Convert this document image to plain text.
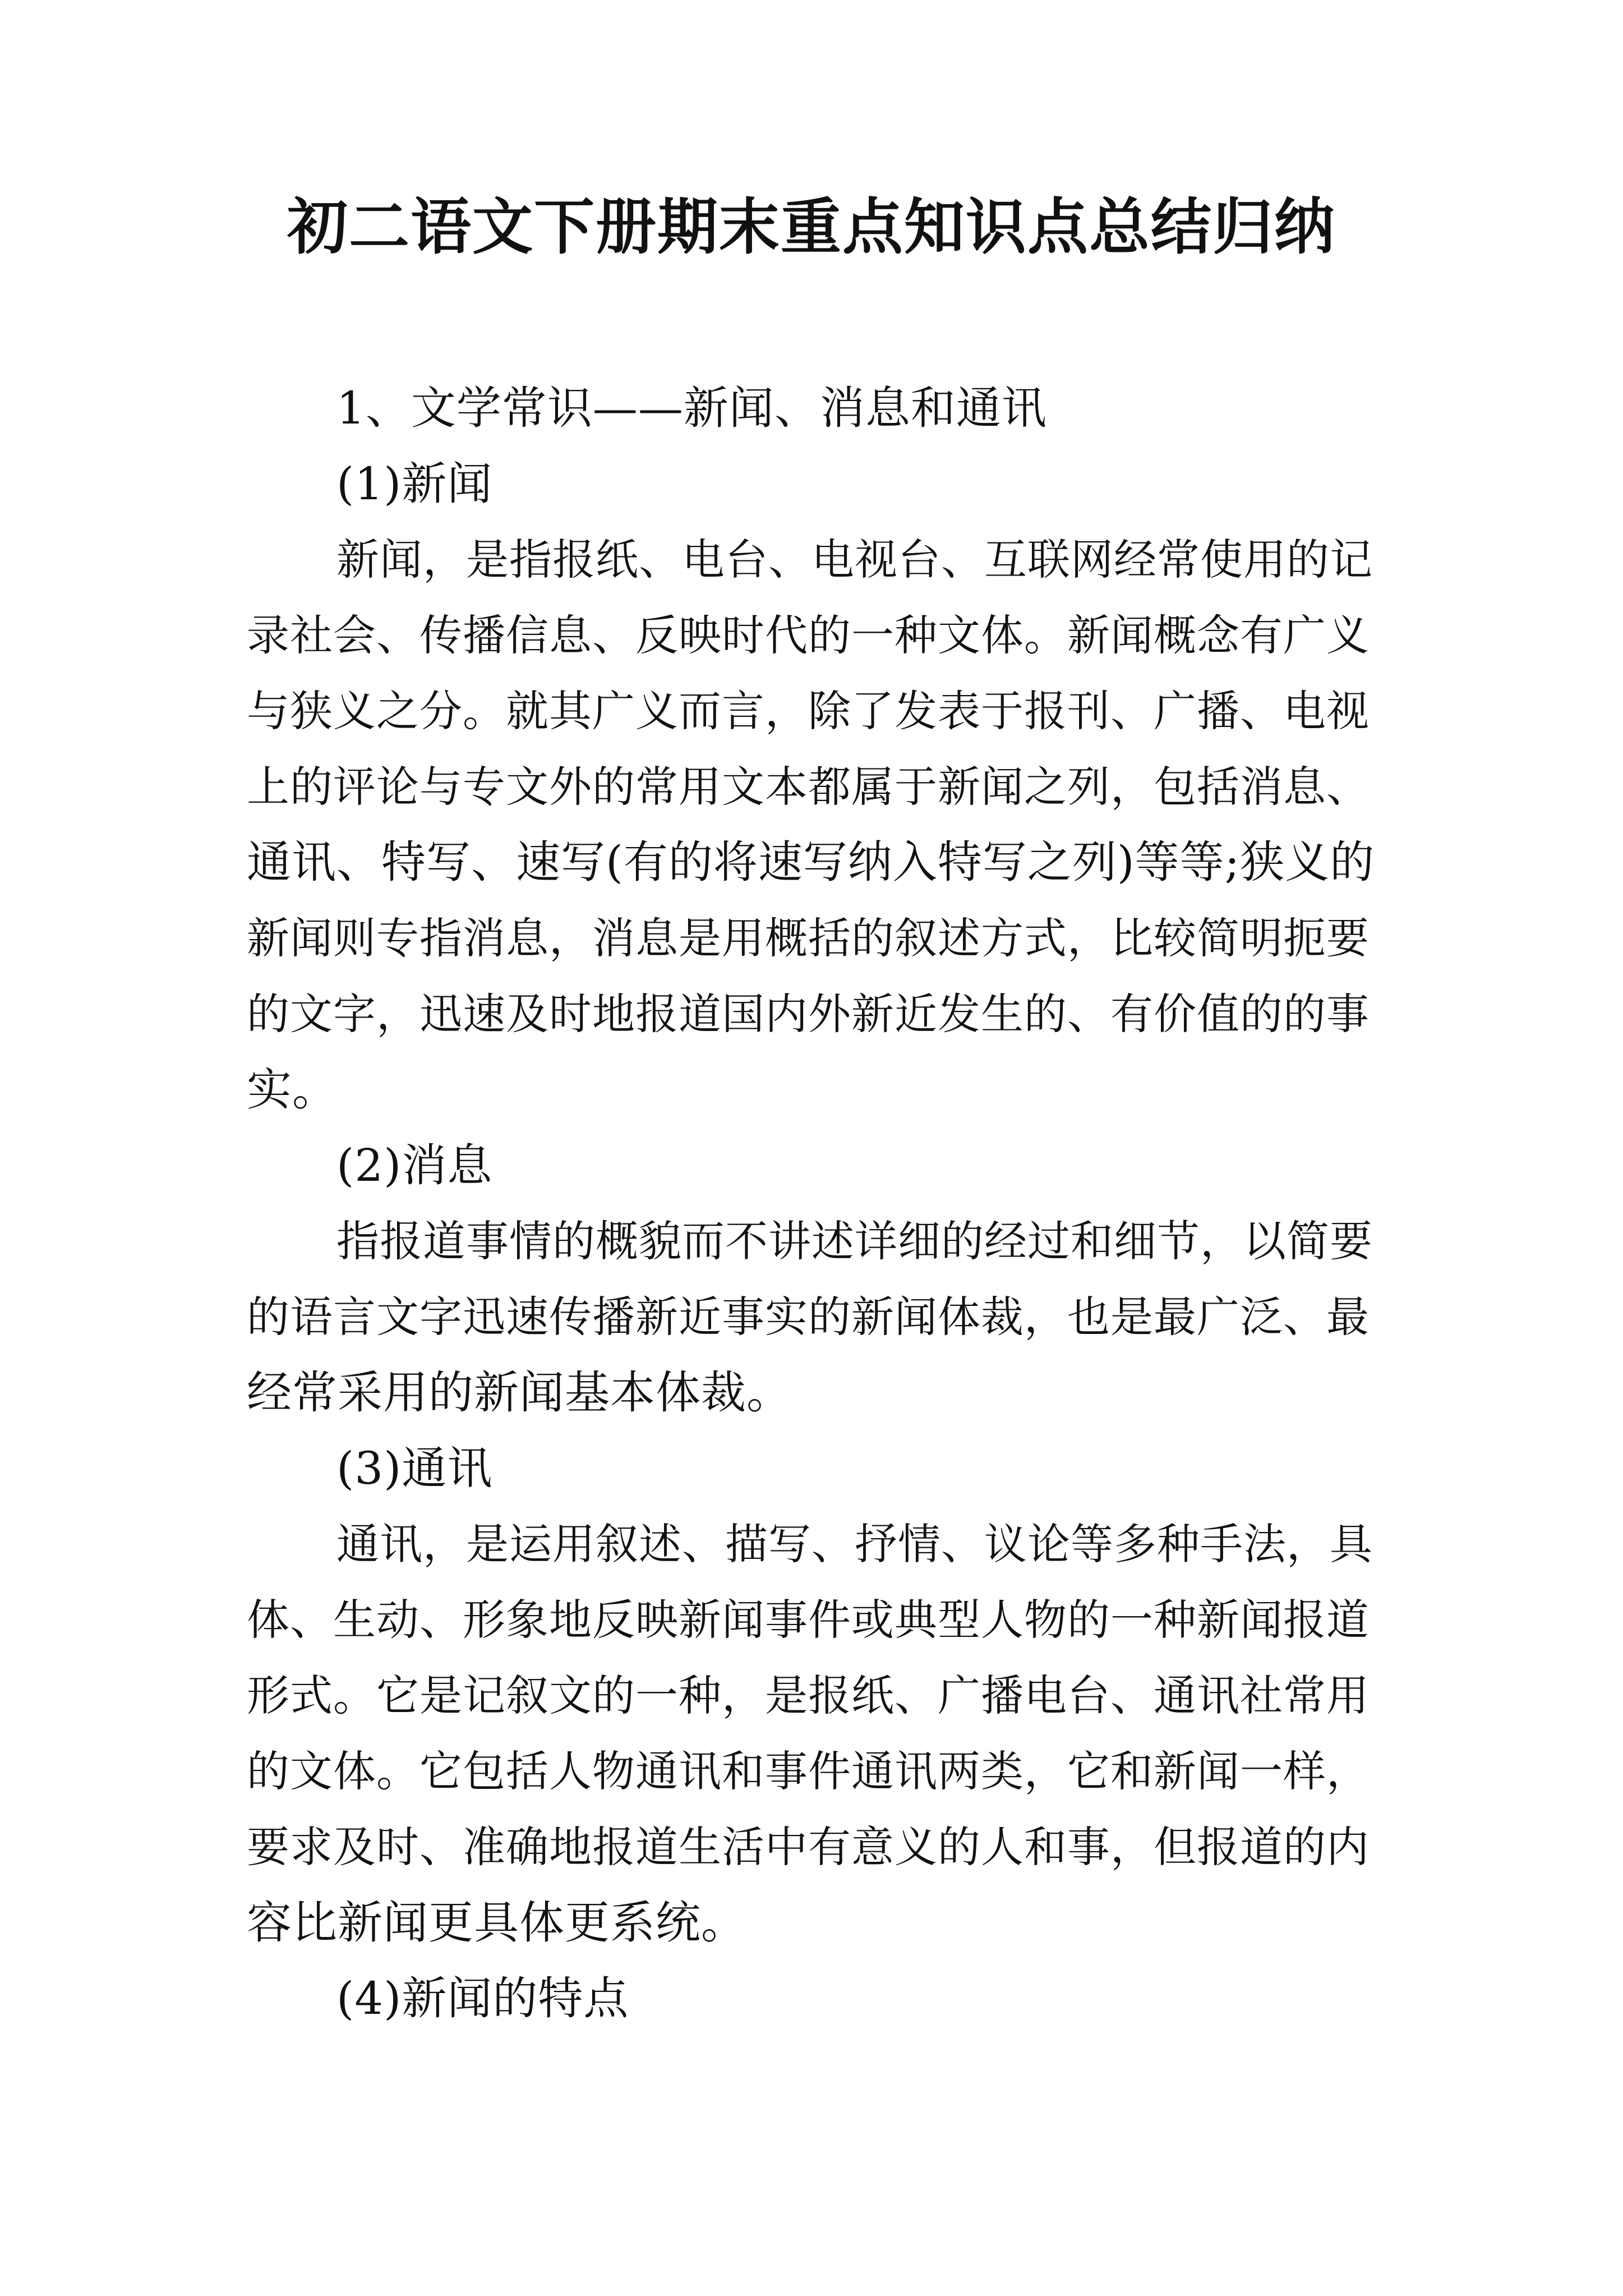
初二语文下册期末重点知识点总结归纳
1、文学常识——新闻、消息和通讯
(1)新闻
新闻，是指报纸、电台、电视台、互联网经常使用的记
录社会、传播信息、反映时代的一种文体。新闻概念有广义
与狭义之分。就其广义而言，除了发表于报刊、广播、电视
上的评论与专文外的常用文本都属于新闻之列，包括消息、
通讯、特写、速写(有的将速写纳入特写之列)等等;狭义的
新闻则专指消息，消息是用概括的叙述方式，比较简明扼要
的文字，迅速及时地报道国内外新近发生的、有价值的的事
实。
(2)消息
指报道事情的概貌而不讲述详细的经过和细节，以简要
的语言文字迅速传播新近事实的新闻体裁，也是最广泛、最
经常采用的新闻基本体裁。
(3)通讯
通讯，是运用叙述、描写、抒情、议论等多种手法，具
体、生动、形象地反映新闻事件或典型人物的一种新闻报道
形式。它是记叙文的一种，是报纸、广播电台、通讯社常用
的文体。它包括人物通讯和事件通讯两类，它和新闻一样，
要求及时、准确地报道生活中有意义的人和事，但报道的内
容比新闻更具体更系统。
(4)新闻的特点
